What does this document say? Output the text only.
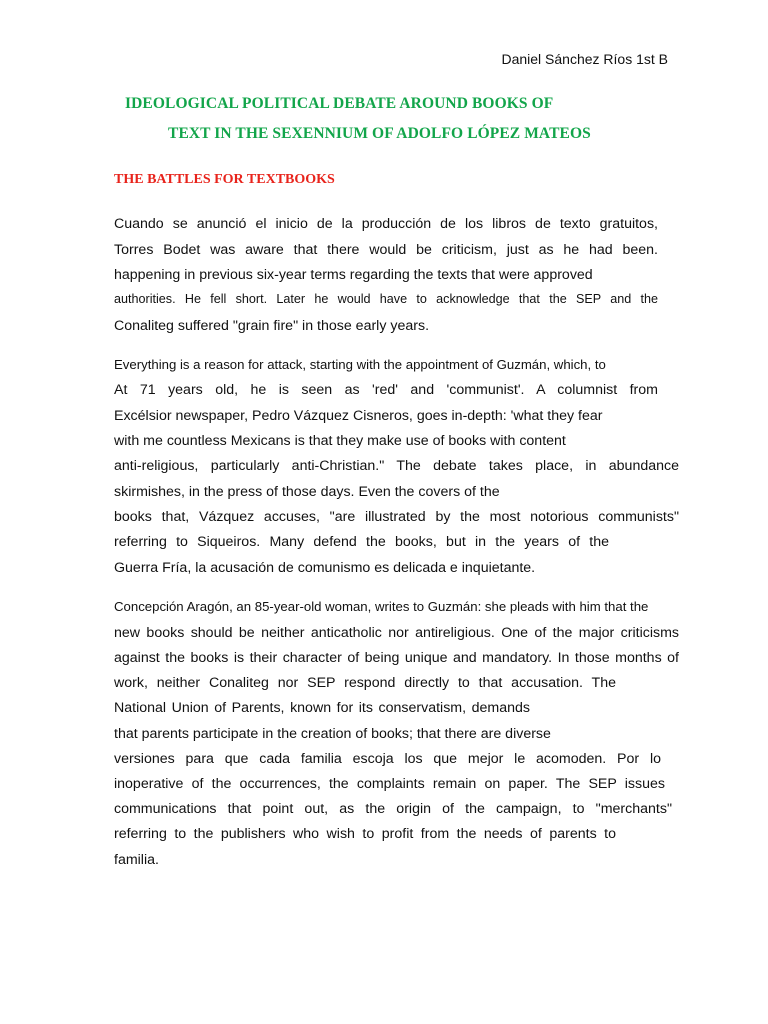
Daniel Sánchez Ríos 1st B
IDEOLOGICAL POLITICAL DEBATE AROUND BOOKS OF
TEXT IN THE SEXENNIUM OF ADOLFO LÓPEZ MATEOS
THE BATTLES FOR TEXTBOOKS
Cuando se anunció el inicio de la producción de los libros de texto gratuitos,
Torres Bodet was aware that there would be criticism, just as he had been.
happening in previous six-year terms regarding the texts that were approved
authorities. He fell short. Later he would have to acknowledge that the SEP and the
Conaliteg suffered "grain fire" in those early years.
Everything is a reason for attack, starting with the appointment of Guzmán, which, to
At 71 years old, he is seen as 'red' and 'communist'. A columnist from
Excélsior newspaper, Pedro Vázquez Cisneros, goes in-depth: 'what they fear
with me countless Mexicans is that they make use of books with content
anti-religious, particularly anti-Christian." The debate takes place, in abundance
skirmishes, in the press of those days. Even the covers of the
books that, Vázquez accuses, "are illustrated by the most notorious communists"
referring to Siqueiros. Many defend the books, but in the years of the
Guerra Fría, la acusación de comunismo es delicada e inquietante.
Concepción Aragón, an 85-year-old woman, writes to Guzmán: she pleads with him that the
new books should be neither anticatholic nor antireligious. One of the major criticisms
against the books is their character of being unique and mandatory. In those months of
work, neither Conaliteg nor SEP respond directly to that accusation. The
National Union of Parents, known for its conservatism, demands
that parents participate in the creation of books; that there are diverse
versiones para que cada familia escoja los que mejor le acomoden. Por lo
inoperative of the occurrences, the complaints remain on paper. The SEP issues
communications that point out, as the origin of the campaign, to "merchants"
referring to the publishers who wish to profit from the needs of parents to
familia.
